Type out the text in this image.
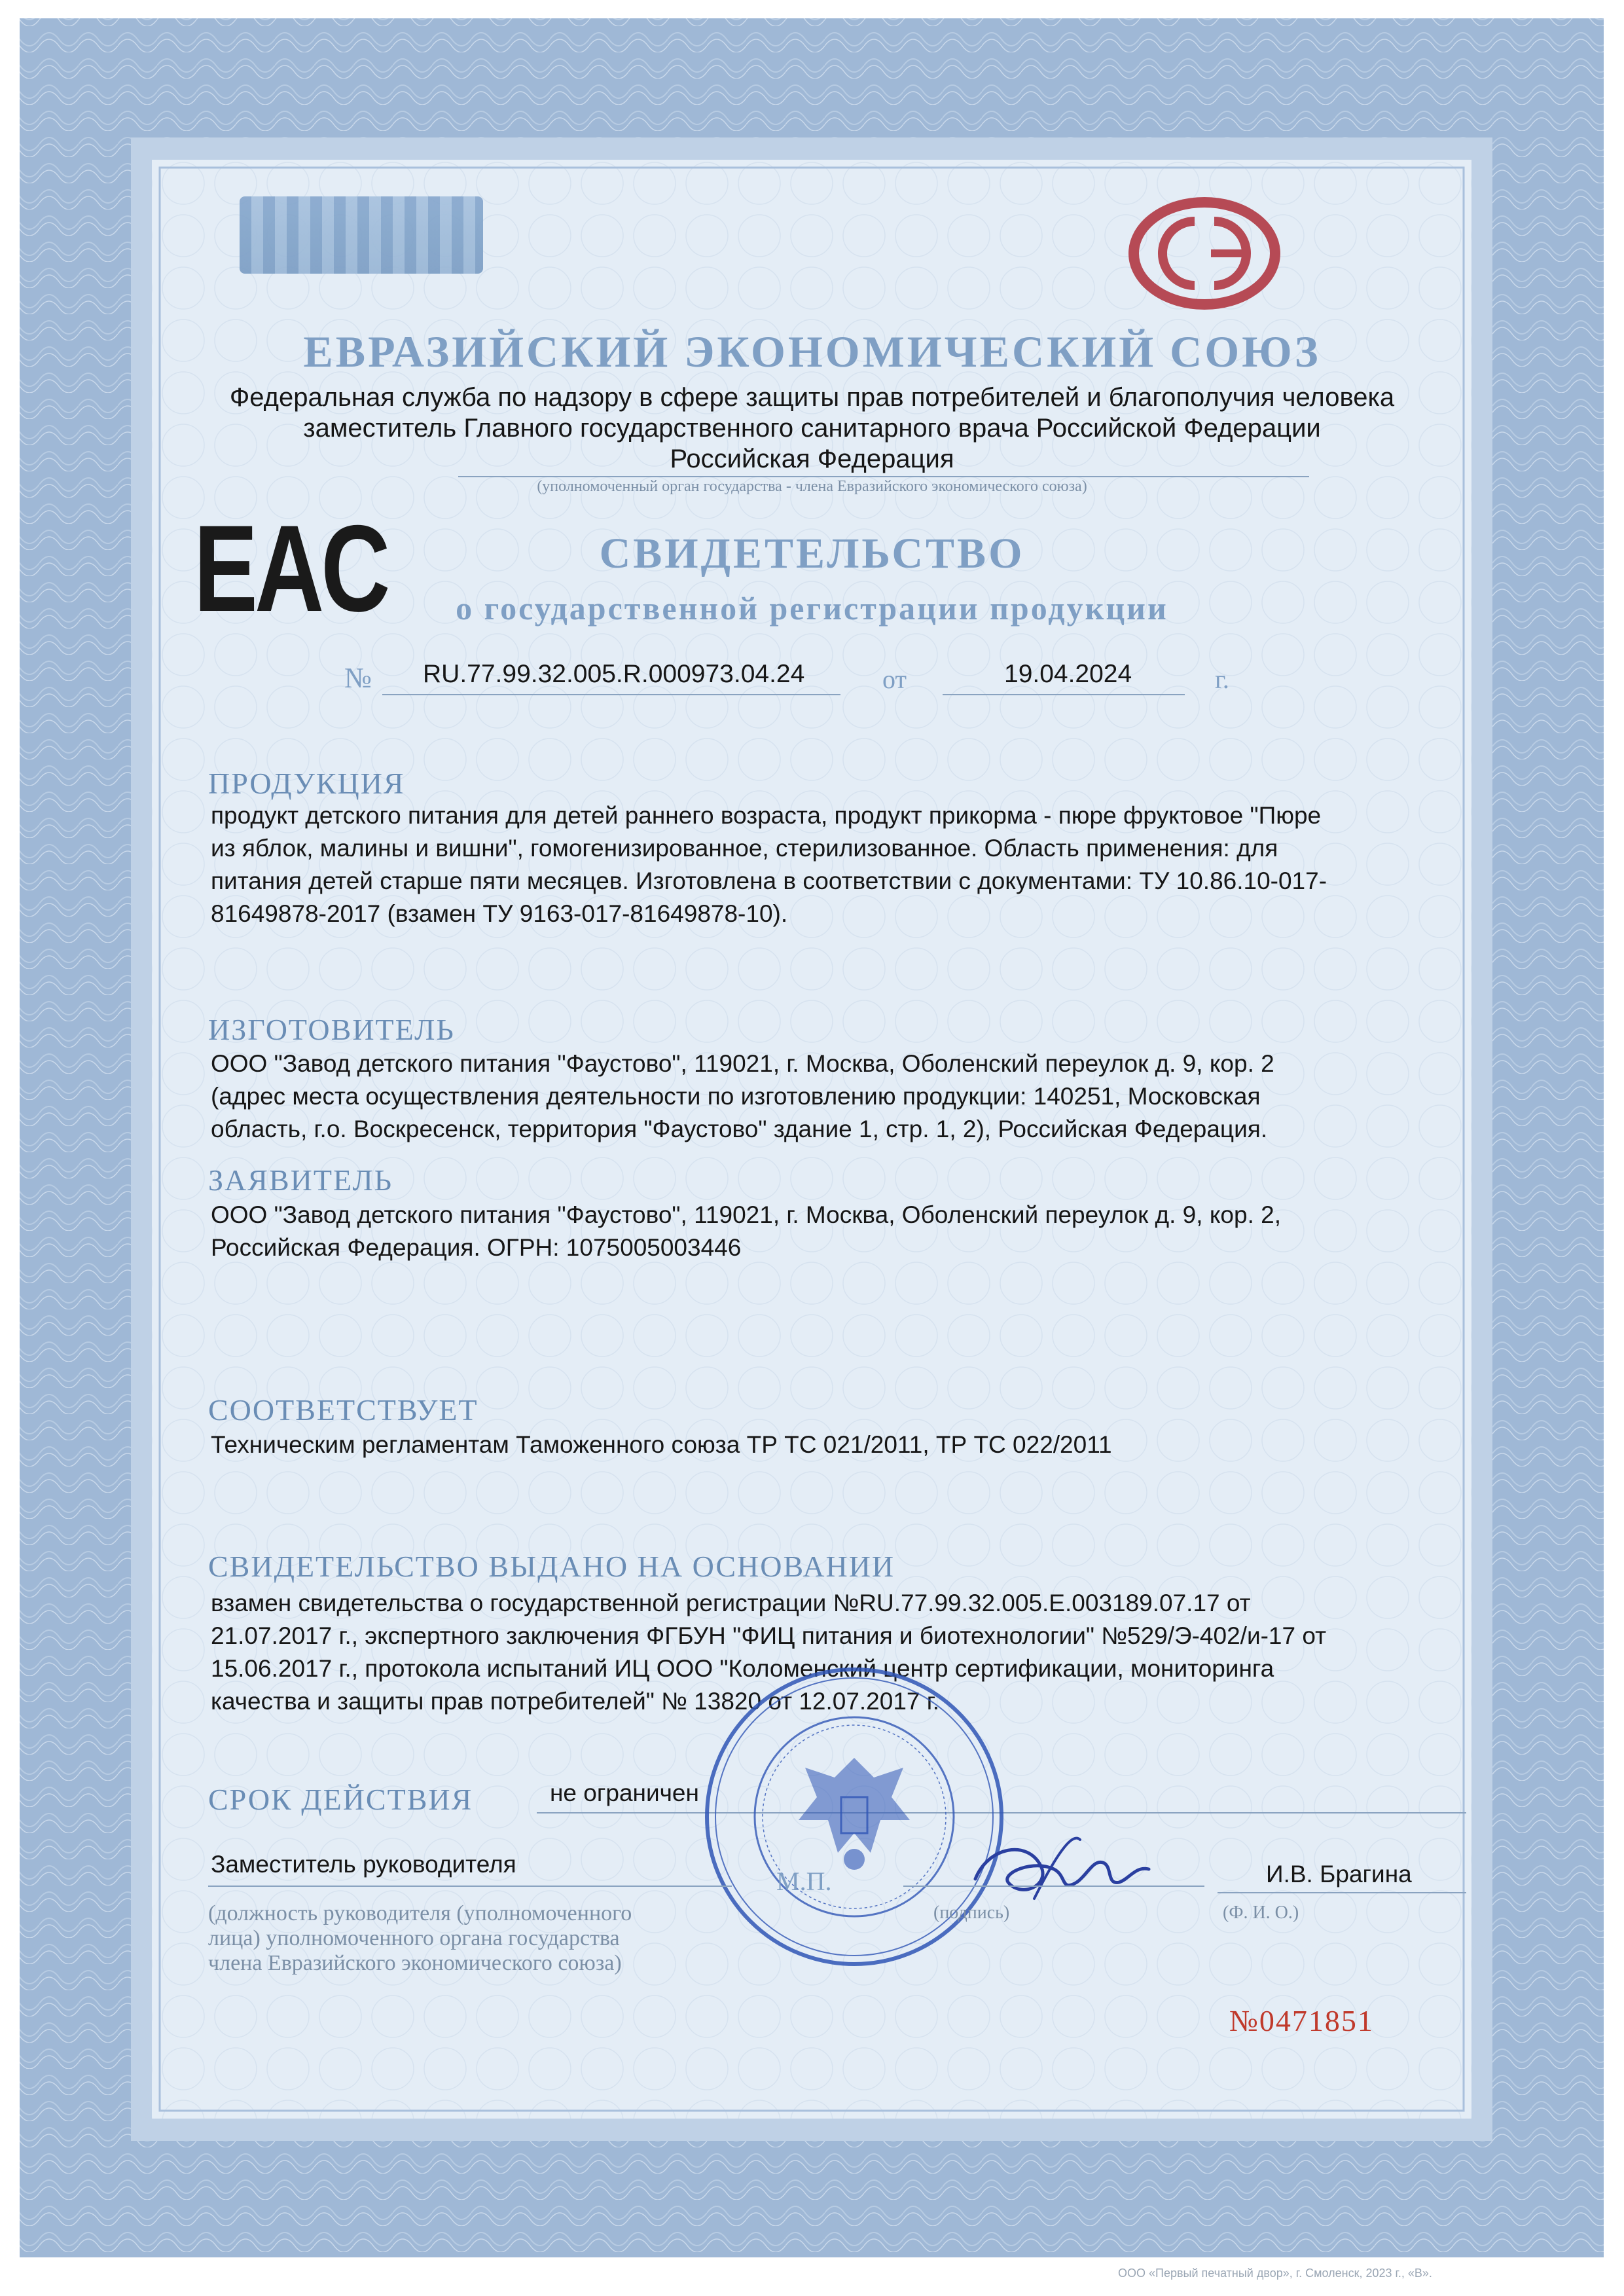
ЕВРАЗИЙСКИЙ ЭКОНОМИЧЕСКИЙ СОЮЗ
Федеральная служба по надзору в сфере защиты прав потребителей и благополучия человека
заместитель Главного государственного санитарного врача Российской Федерации
Российская Федерация
(уполномоченный орган государства - члена Евразийского экономического союза)
EAC	СВИДЕТЕЛЬСТВО
о государственной регистрации продукции
№ RU.77.99.32.005.R.000973.04.24	от	19.04.2024	г.
ПРОДУКЦИЯ
продукт детского питания для детей раннего возраста, продукт прикорма - пюре фруктовое "Пюре
из яблок, малины и вишни", гомогенизированное, стерилизованное. Область применения: для
питания детей старше пяти месяцев. Изготовлена в соответствии с документами: ТУ 10.86.10-017-
81649878-2017 (взамен ТУ 9163-017-81649878-10).
ИЗГОТОВИТЕЛЬ
ООО "Завод детского питания "Фаустово", 119021, г. Москва, Оболенский переулок д. 9, кор. 2
(адрес места осуществления деятельности по изготовлению продукции: 140251, Московская
область, г.о. Воскресенск, территория "Фаустово" здание 1, стр. 1, 2), Российская Федерация.
ЗАЯВИТЕЛЬ
ООО "Завод детского питания "Фаустово", 119021, г. Москва, Оболенский переулок д. 9, кор. 2,
Российская Федерация. ОГРН: 1075005003446
СООТВЕТСТВУЕТ
Техническим регламентам Таможенного союза ТР ТС 021/2011, ТР ТС 022/2011
СВИДЕТЕЛЬСТВО ВЫДАНО НА ОСНОВАНИИ
взамен свидетельства о государственной регистрации №RU.77.99.32.005.E.003189.07.17 от
21.07.2017 г., экспертного заключения ФГБУН "ФИЦ питания и биотехнологии" №529/Э-402/и-17 от
15.06.2017 г., протокола испытаний ИЦ ООО "Коломенский центр сертификации, мониторинга
качества и защиты прав потребителей" № 13820 от 12.07.2017 г.
СРОК ДЕЙСТВИЯ	не ограничен
Заместитель руководителя
М.П.	И.В. Брагина
(должность руководителя (уполномоченного
лица) уполномоченного органа государства
члена Евразийского экономического союза)
(подпись)	(Ф. И. О.)
№0471851
ООО «Первый печатный двор», г. Смоленск, 2023 г., «В».
